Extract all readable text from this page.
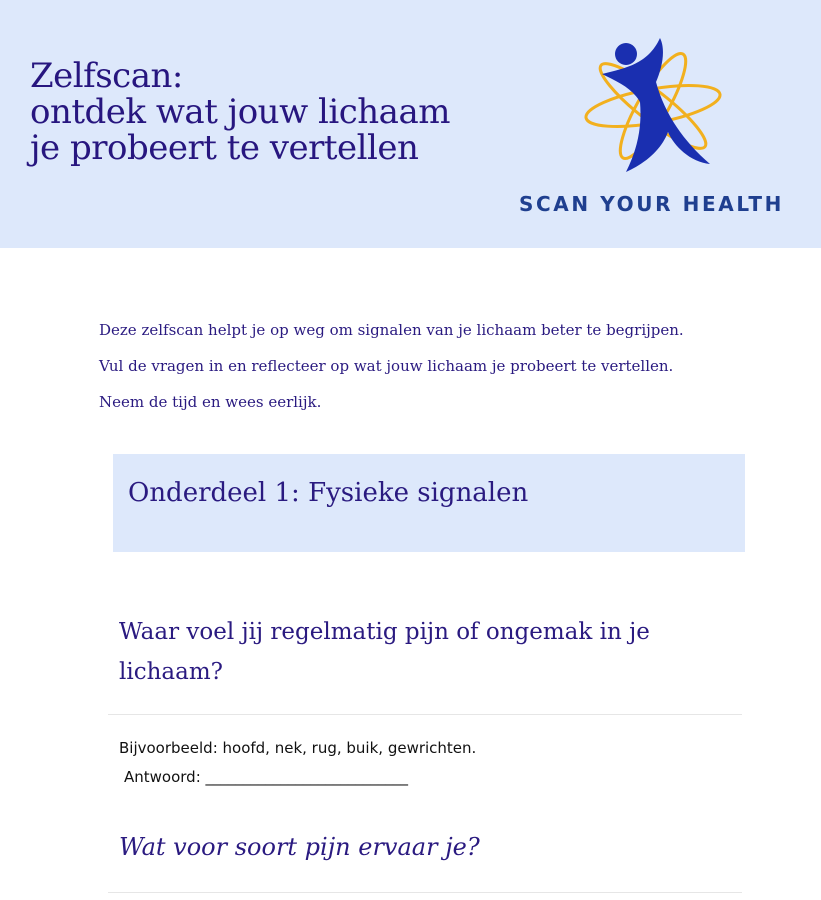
Zelfscan:
ontdek wat jouw lichaam
je probeert te vertellen
SCAN YOUR HEALTH

Deze zelfscan helpt je op weg om signalen van je lichaam beter te begrijpen.

Vul de vragen in en reflecteer op wat jouw lichaam je probeert te vertellen.

Neem de tijd en wees eerlijk.

Onderdeel 1: Fysieke signalen
Waar voel jij regelmatig pijn of ongemak in je lichaam?
Bijvoorbeeld: hoofd, nek, rug, buik, gewrichten.
Antwoord: ___________________________
Wat voor soort pijn ervaar je?
